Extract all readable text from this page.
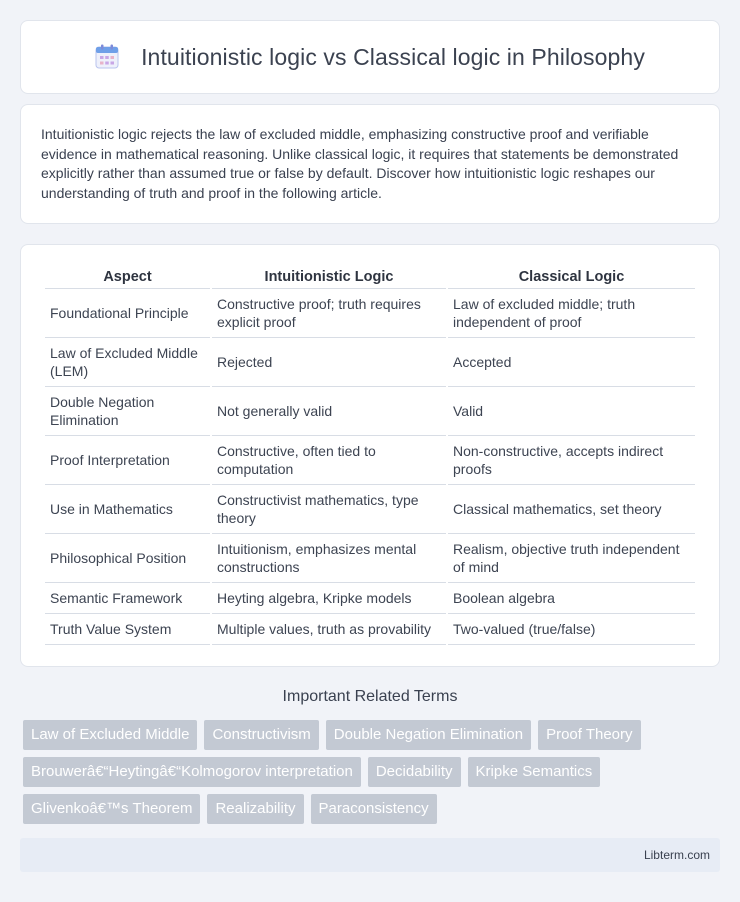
Intuitionistic logic vs Classical logic in Philosophy

Intuitionistic logic rejects the law of excluded middle, emphasizing constructive proof and verifiable evidence in mathematical reasoning. Unlike classical logic, it requires that statements be demonstrated explicitly rather than assumed true or false by default. Discover how intuitionistic logic reshapes our understanding of truth and proof in the following article.

Aspect	Intuitionistic Logic	Classical Logic
Foundational Principle	Constructive proof; truth requires explicit proof	Law of excluded middle; truth independent of proof
Law of Excluded Middle (LEM)	Rejected	Accepted
Double Negation Elimination	Not generally valid	Valid
Proof Interpretation	Constructive, often tied to computation	Non-constructive, accepts indirect proofs
Use in Mathematics	Constructivist mathematics, type theory	Classical mathematics, set theory
Philosophical Position	Intuitionism, emphasizes mental constructions	Realism, objective truth independent of mind
Semantic Framework	Heyting algebra, Kripke models	Boolean algebra
Truth Value System	Multiple values, truth as provability	Two-valued (true/false)
Important Related Terms
Law of Excluded Middle	Constructivism	Double Negation Elimination	Proof Theory
Brouwerâ€“Heytingâ€“Kolmogorov interpretation	Decidability	Kripke Semantics
Glivenkoâ€™s Theorem	Realizability	Paraconsistency
Libterm.com
